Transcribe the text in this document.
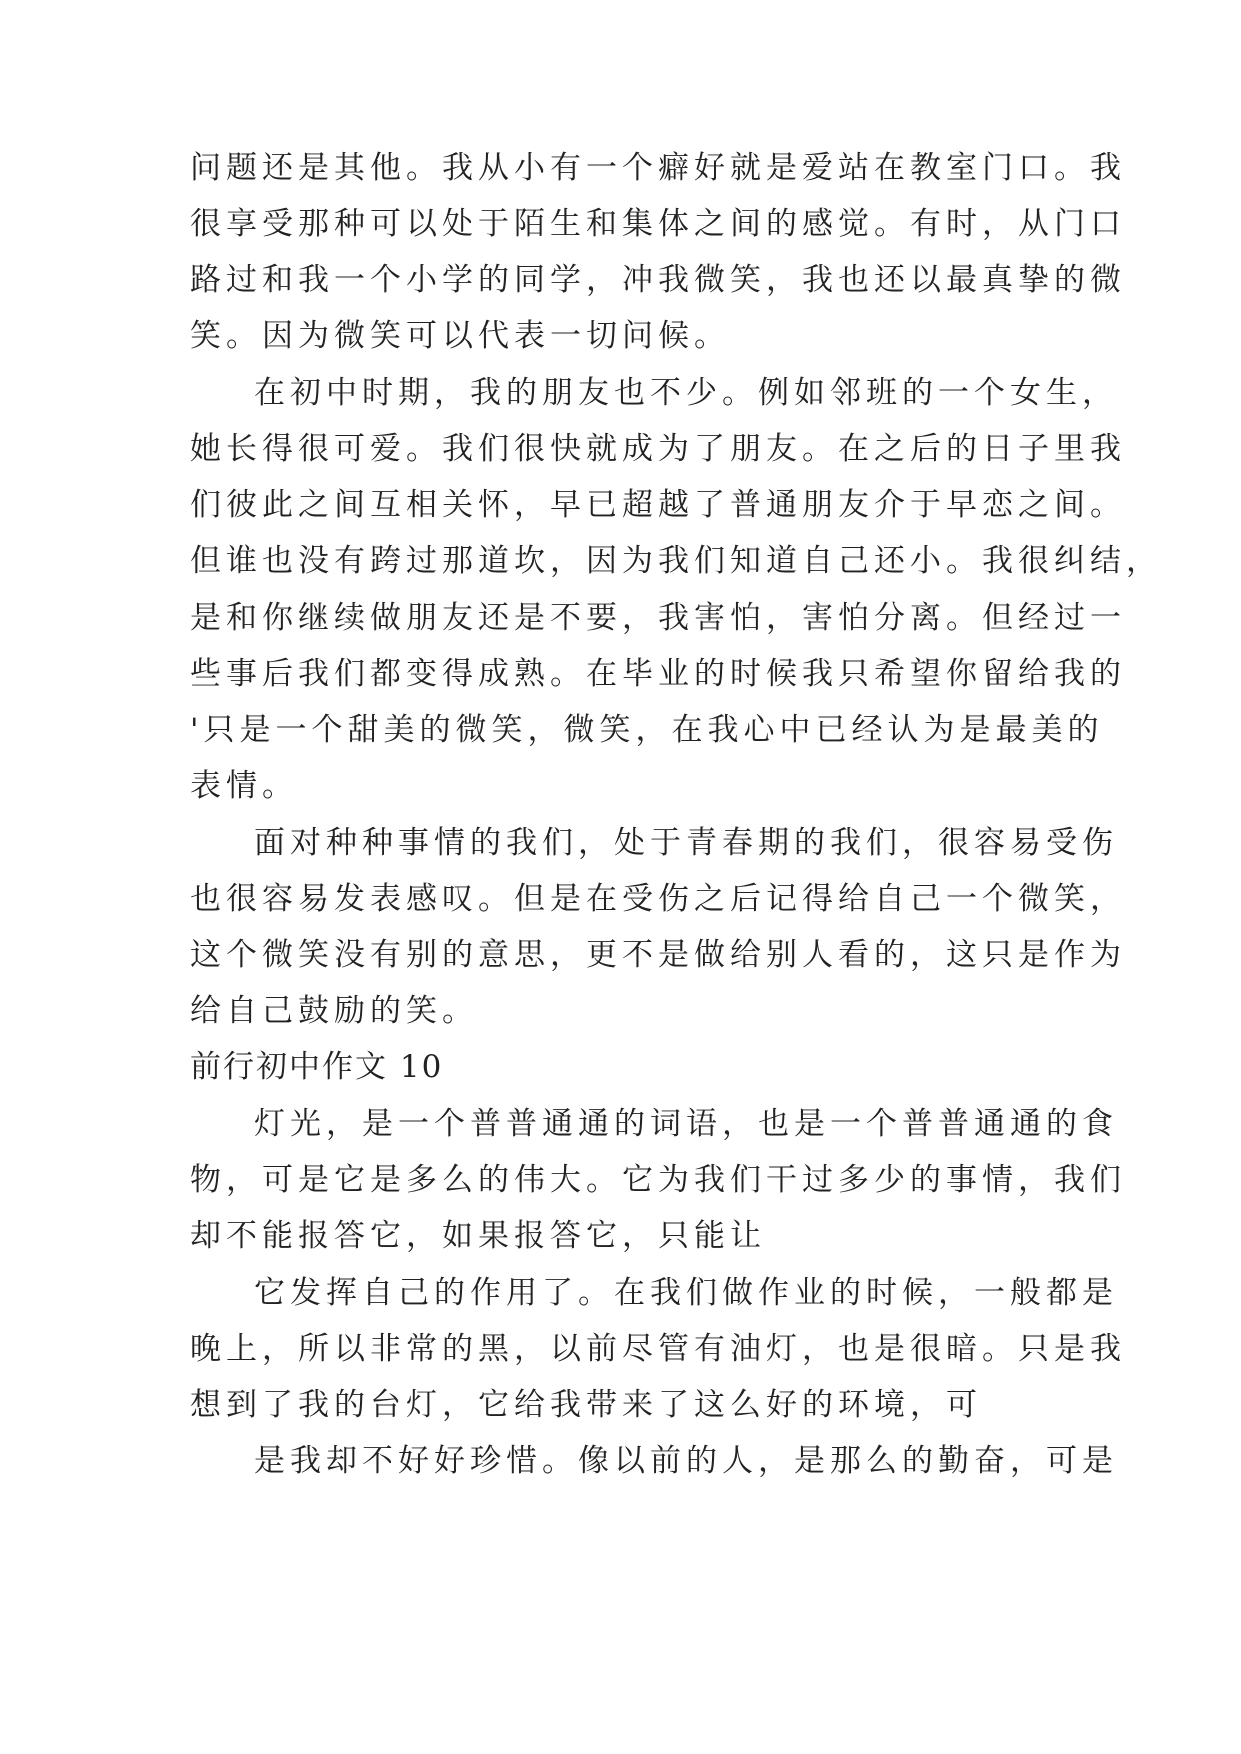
问题还是其他。我从小有一个癖好就是爱站在教室门口。我
很享受那种可以处于陌生和集体之间的感觉。有时，从门口
路过和我一个小学的同学，冲我微笑，我也还以最真挚的微
笑。因为微笑可以代表一切问候。
在初中时期，我的朋友也不少。例如邻班的一个女生，
她长得很可爱。我们很快就成为了朋友。在之后的日子里我
们彼此之间互相关怀，早已超越了普通朋友介于早恋之间。
但谁也没有跨过那道坎，因为我们知道自己还小。我很纠结，
是和你继续做朋友还是不要，我害怕，害怕分离。但经过一
些事后我们都变得成熟。在毕业的时候我只希望你留给我的
'只是一个甜美的微笑，微笑，在我心中已经认为是最美的
表情。
面对种种事情的我们，处于青春期的我们，很容易受伤
也很容易发表感叹。但是在受伤之后记得给自己一个微笑，
这个微笑没有别的意思，更不是做给别人看的，这只是作为
给自己鼓励的笑。
前行初中作文 10
灯光，是一个普普通通的词语，也是一个普普通通的食
物，可是它是多么的伟大。它为我们干过多少的事情，我们
却不能报答它，如果报答它，只能让
它发挥自己的作用了。在我们做作业的时候，一般都是
晚上，所以非常的黑，以前尽管有油灯，也是很暗。只是我
想到了我的台灯，它给我带来了这么好的环境，可
是我却不好好珍惜。像以前的人，是那么的勤奋，可是
